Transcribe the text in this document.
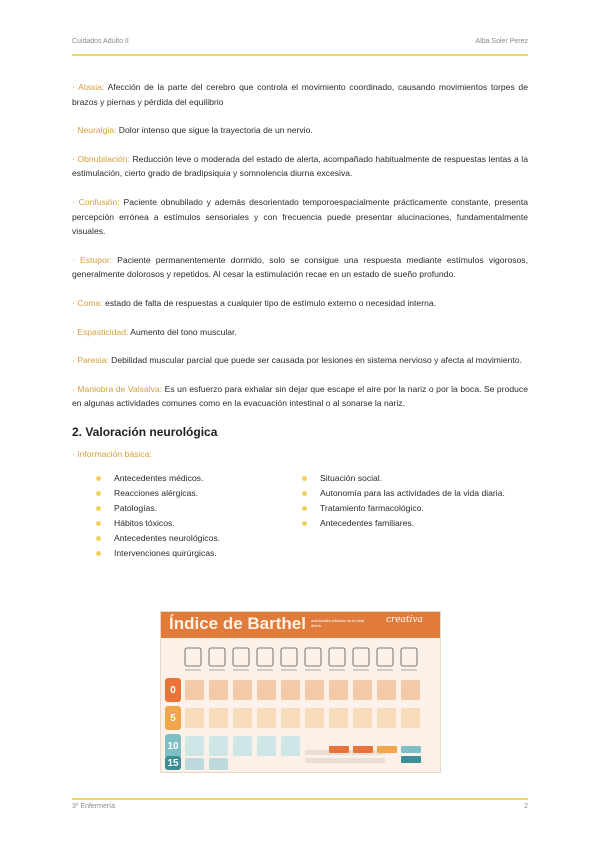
Cuidados Adulto II	Alba Soler Perez

· Ataxia: Afección de la parte del cerebro que controla el movimiento coordinado, causando movimientos torpes de brazos y piernas y pérdida del equilibrio

· Neuralgia: Dolor intenso que sigue la trayectoria de un nervio.

· Obnubilación: Reducción leve o moderada del estado de alerta, acompañado habitualmente de respuestas lentas a la estimulación, cierto grado de bradipsiquia y somnolencia diurna excesiva.

· Confusión: Paciente obnubilado y además desorientado temporoespacialmente prácticamente constante, presenta percepción errónea a estímulos sensoriales y con frecuencia puede presentar alucinaciones, fundamentalmente visuales.

· Estupor: Paciente permanentemente dormido, solo se consigue una respuesta mediante estímulos vigorosos, generalmente dolorosos y repetidos. Al cesar la estimulación recae en un estado de sueño profundo.

· Coma: estado de falta de respuestas a cualquier tipo de estímulo externo o necesidad interna.

· Espasticidad: Aumento del tono muscular.

· Paresia: Debilidad muscular parcial que puede ser causada por lesiones en sistema nervioso y afecta al movimiento.

· Maniobra de Valsalva: Es un esfuerzo para exhalar sin dejar que escape el aire por la nariz o por la boca. Se produce en algunas actividades comunes como en la evacuación intestinal o al sonarse la nariz.

2. Valoración neurológica
· Información básica:
Antecedentes médicos.
Reacciones alérgicas.
Patologías.
Hábitos tóxicos.
Antecedentes neurológicos.
Intervenciones quirúrgicas.
Situación social.
Autonomía para las actividades de la vida diaria.
Tratamiento farmacológico.
Antecedentes familiares.
Índice de Barthel actividades básicas de la vida diaria
creativa
0
5
10
15
3º Enfermería	2
